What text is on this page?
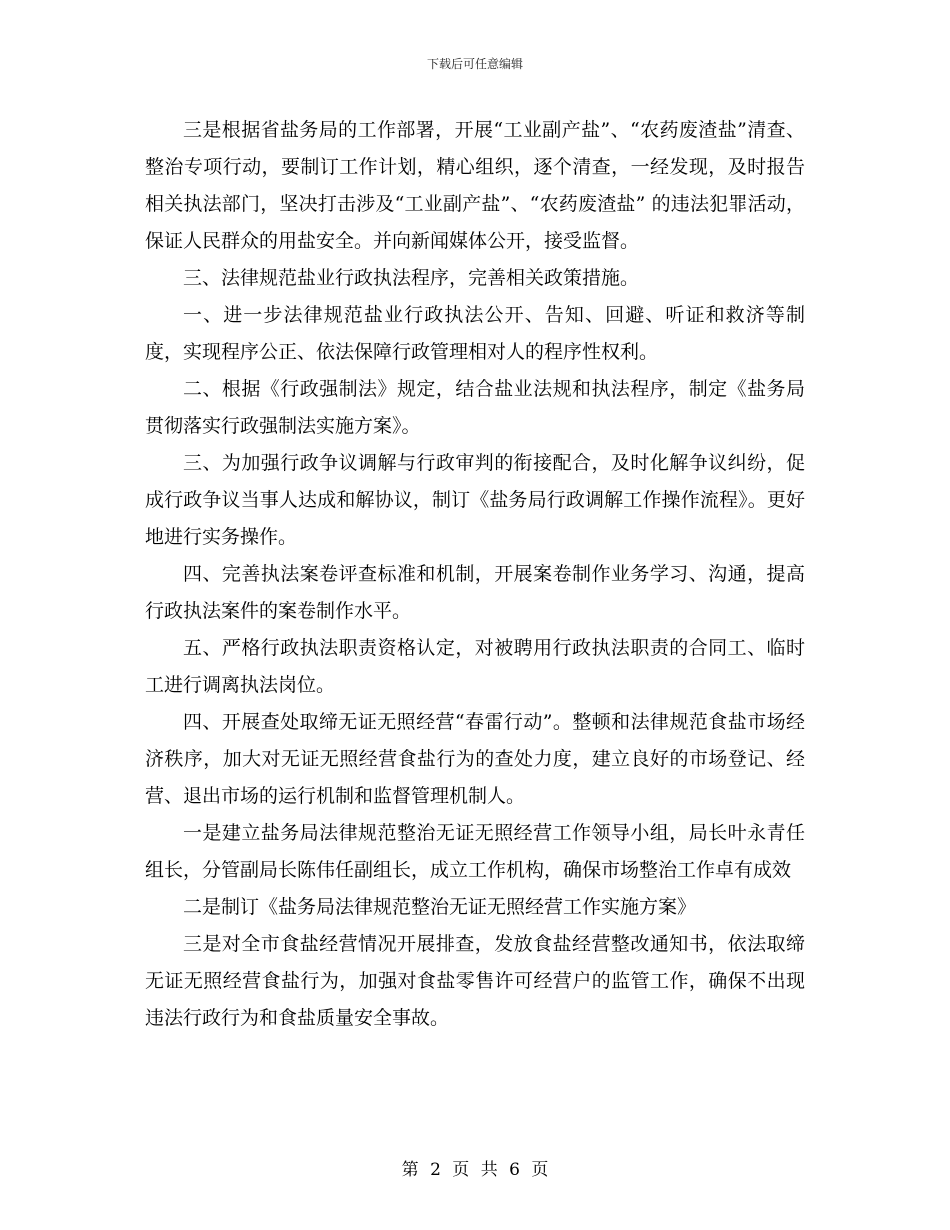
下载后可任意编辑

三是根据省盐务局的工作部署，开展“工业副产盐”、“农药废渣盐”清查、整治专项行动，要制订工作计划，精心组织，逐个清查，一经发现，及时报告相关执法部门，坚决打击涉及“工业副产盐”、“农药废渣盐” 的违法犯罪活动，保证人民群众的用盐安全。并向新闻媒体公开，接受监督。

三、法律规范盐业行政执法程序，完善相关政策措施。

一、进一步法律规范盐业行政执法公开、告知、回避、听证和救济等制度，实现程序公正、依法保障行政管理相对人的程序性权利。

二、根据《行政强制法》规定，结合盐业法规和执法程序，制定《盐务局贯彻落实行政强制法实施方案》。

三、为加强行政争议调解与行政审判的衔接配合，及时化解争议纠纷，促成行政争议当事人达成和解协议，制订《盐务局行政调解工作操作流程》。更好地进行实务操作。

四、完善执法案卷评查标准和机制，开展案卷制作业务学习、沟通，提高行政执法案件的案卷制作水平。

五、严格行政执法职责资格认定，对被聘用行政执法职责的合同工、临时工进行调离执法岗位。

四、开展查处取缔无证无照经营“春雷行动”。整顿和法律规范食盐市场经济秩序，加大对无证无照经营食盐行为的查处力度，建立良好的市场登记、经营、退出市场的运行机制和监督管理机制人。

一是建立盐务局法律规范整治无证无照经营工作领导小组，局长叶永青任组长，分管副局长陈伟任副组长，成立工作机构，确保市场整治工作卓有成效

二是制订《盐务局法律规范整治无证无照经营工作实施方案》

三是对全市食盐经营情况开展排查，发放食盐经营整改通知书，依法取缔无证无照经营食盐行为，加强对食盐零售许可经营户的监管工作，确保不出现违法行政行为和食盐质量安全事故。

第 2 页 共 6 页
